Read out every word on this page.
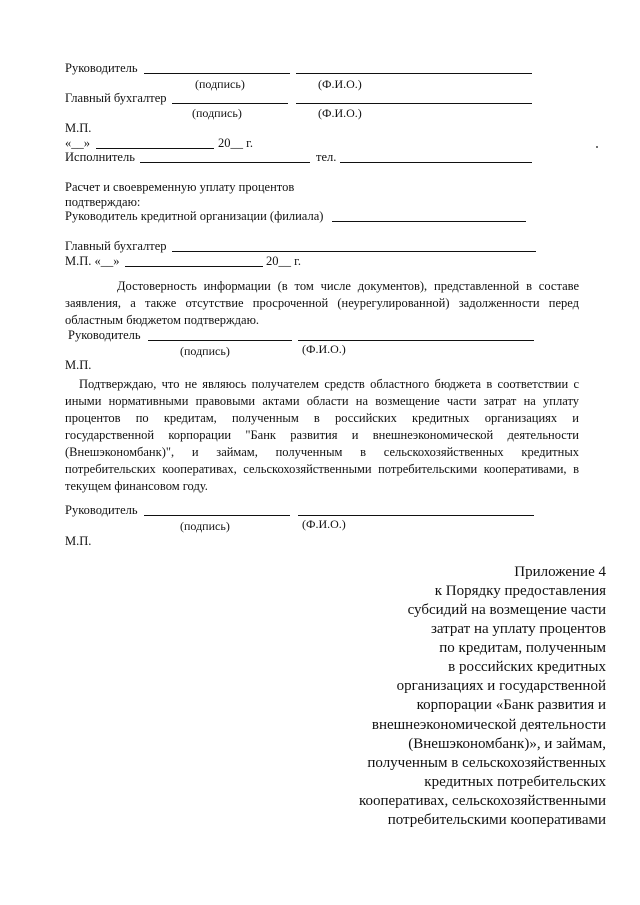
Руководитель
(подпись)	(Ф.И.О.)
Главный бухгалтер
(подпись)	(Ф.И.О.)
М.П.
«__»	20__ г.
Исполнитель	тел.
Расчет и своевременную уплату процентов
подтверждаю:
Руководитель кредитной организации (филиала)
Главный бухгалтер
М.П. «__»	20__ г.
Достоверность информации (в том числе документов), представленной в составе
заявления, а также отсутствие просроченной (неурегулированной) задолженности перед
областным бюджетом подтверждаю.
Руководитель
(подпись)	(Ф.И.О.)
М.П.
Подтверждаю, что не являюсь получателем средств областного бюджета в соответствии с
иными нормативными правовыми актами области на возмещение части затрат на уплату
процентов по кредитам, полученным в российских кредитных организациях и
государственной корпорации "Банк развития и внешнеэкономической деятельности
(Внешэкономбанк)", и займам, полученным в сельскохозяйственных кредитных
потребительских кооперативах, сельскохозяйственными потребительскими кооперативами, в
текущем финансовом году.
Руководитель
(подпись)	(Ф.И.О.)
М.П.
Приложение 4
к Порядку предоставления
субсидий на возмещение части
затрат на уплату процентов
по кредитам, полученным
в российских кредитных
организациях и государственной
корпорации «Банк развития и
внешнеэкономической деятельности
(Внешэкономбанк)», и займам,
полученным в сельскохозяйственных
кредитных потребительских
кооперативах, сельскохозяйственными
потребительскими кооперативами
